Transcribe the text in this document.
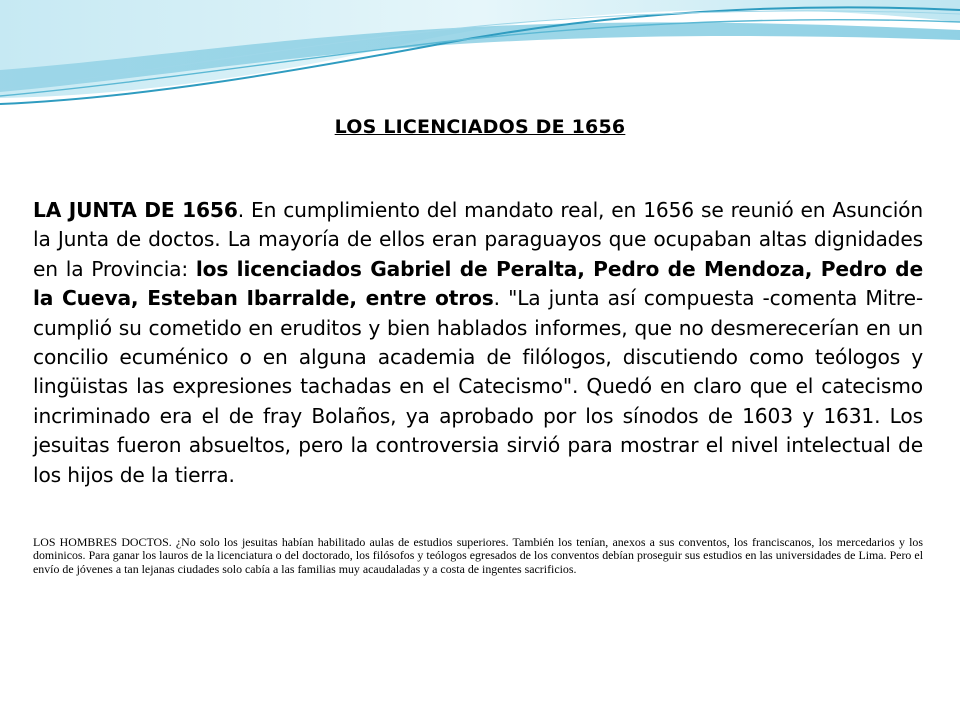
LOS LICENCIADOS DE 1656

LA JUNTA DE 1656. En cumplimiento del mandato real, en 1656 se reunió en Asunción la Junta de doctos. La mayoría de ellos eran paraguayos que ocupaban altas dignidades en la Provincia: los licenciados Gabriel de Peralta, Pedro de Mendoza, Pedro de la Cueva, Esteban Ibarralde, entre otros. "La junta así compuesta -comenta Mitre- cumplió su cometido en eruditos y bien hablados informes, que no desmerecerían en un concilio ecuménico o en alguna academia de filólogos, discutiendo como teólogos y lingüistas las expresiones tachadas en el Catecismo". Quedó en claro que el catecismo incriminado era el de fray Bolaños, ya aprobado por los sínodos de 1603 y 1631. Los jesuitas fueron absueltos, pero la controversia sirvió para mostrar el nivel intelectual de los hijos de la tierra.

LOS HOMBRES DOCTOS. ¿No solo los jesuitas habían habilitado aulas de estudios superiores. También los tenían, anexos a sus conventos, los franciscanos, los mercedarios y los dominicos. Para ganar los lauros de la licenciatura o del doctorado, los filósofos y teólogos egresados de los conventos debían proseguir sus estudios en las universidades de Lima. Pero el envío de jóvenes a tan lejanas ciudades solo cabía a las familias muy acaudaladas y a costa de ingentes sacrificios.
